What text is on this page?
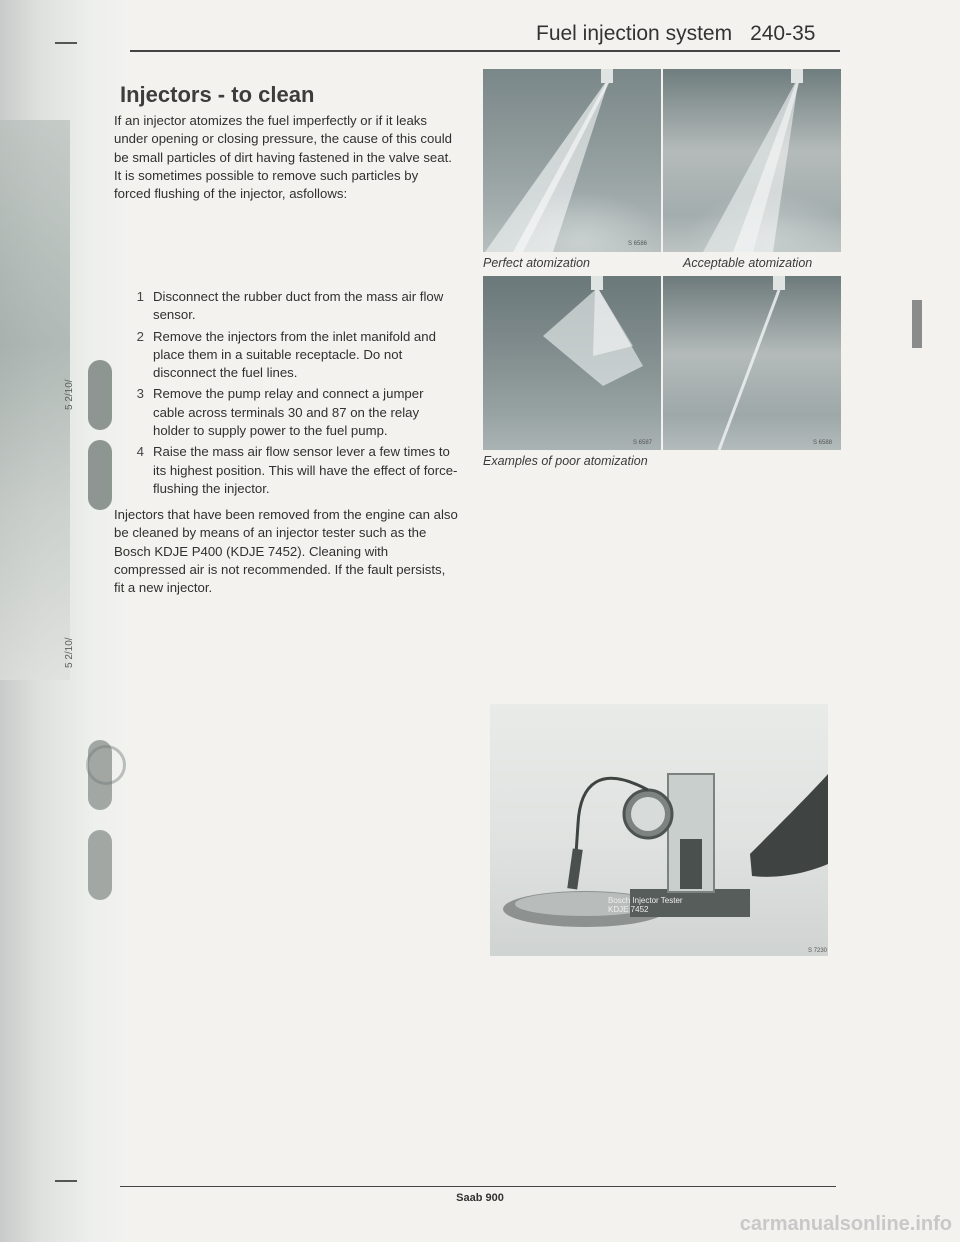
5 2/10/
5 2/10/
Fuel injection system 240-35
Injectors - to clean
If an injector atomizes the fuel imperfectly or if it leaks under opening or closing pressure, the cause of this could be small particles of dirt having fastened in the valve seat. It is sometimes possible to remove such particles by forced flushing of the injector, asfollows:
1 Disconnect the rubber duct from the mass air flow sensor.
2 Remove the injectors from the inlet manifold and place them in a suitable receptacle. Do not disconnect the fuel lines.
3 Remove the pump relay and connect a jumper cable across terminals 30 and 87 on the relay holder to supply power to the fuel pump.
4 Raise the mass air flow sensor lever a few times to its highest position. This will have the effect of force-flushing the injector.
Injectors that have been removed from the engine can also be cleaned by means of an injector tester such as the Bosch KDJE P400 (KDJE 7452). Cleaning with compressed air is not recommended. If the fault persists, fit a new injector.
S 6586
S 6587	S 6588
Perfect atomization	Acceptable atomization
Examples of poor atomization
Bosch Injector Tester
KDJE 7452
S 7230
Saab 900
carmanualsonline.info
